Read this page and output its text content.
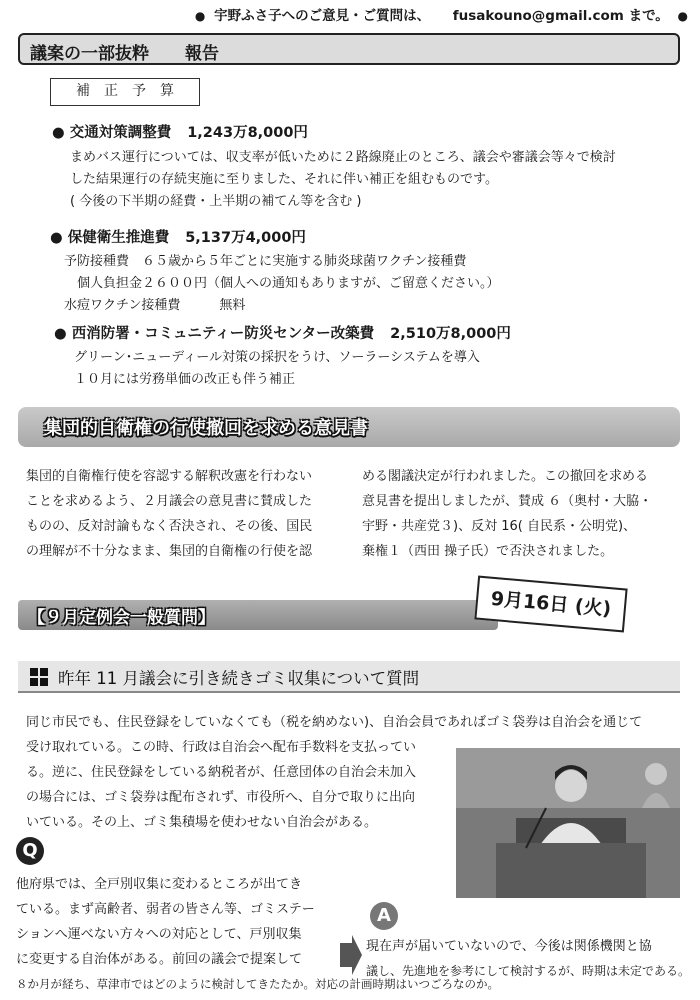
● 宇野ふさ子へのご意見・ご質問は、 fusakouno@gmail.com まで。 ●
議案の一部抜粋 報告
補正予算
● 交通対策調整費 1,243万8,000円
まめバス運行については、収支率が低いために２路線廃止のところ、議会や審議会等々で検討
した結果運行の存続実施に至りました、それに伴い補正を組むものです。
( 今後の下半期の経費・上半期の補てん等を含む )
● 保健衛生推進費 5,137万4,000円
予防接種費　６５歳から５年ごとに実施する肺炎球菌ワクチン接種費
　個人負担金２６００円（個人への通知もありますが、ご留意ください。）
水痘ワクチン接種費　　　無料
● 西消防署・コミュニティー防災センター改築費 2,510万8,000円
グリーン･ニューディール対策の採択をうけ、ソーラーシステムを導入
１０月には労務単価の改正も伴う補正
集団的自衛権の行使撤回を求める意見書
集団的自衛権行使を容認する解釈改憲を行わない
ことを求めるよう、２月議会の意見書に賛成した
ものの、反対討論もなく否決され、その後、国民
の理解が不十分なまま、集団的自衛権の行使を認
める閣議決定が行われました。この撤回を求める
意見書を提出しましたが、賛成 ６（奥村・大脇・
宇野・共産党３)、反対 16( 自民系・公明党)、
棄権１（西田 操子氏）で否決されました。
【９月定例会一般質問】	9月16日 (火)
昨年 11 月議会に引き続きゴミ収集について質問
同じ市民でも、住民登録をしていなくても（税を納めない)、自治会員であればゴミ袋券は自治会を通じて
受け取れている。この時、行政は自治会へ配布手数料を支払ってい
る。逆に、住民登録をしている納税者が、任意団体の自治会未加入
の場合には、ゴミ袋券は配布されず、市役所へ、自分で取りに出向
いている。その上、ゴミ集積場を使わせない自治会がある。
Q
他府県では、全戸別収集に変わるところが出てき
ている。まず高齢者、弱者の皆さん等、ゴミステー
ションへ運べない方々への対応として、戸別収集
に変更する自治体がある。前回の議会で提案して
８か月が経ち、草津市ではどのように検討してきたたか。対応の計画時期はいつごろなのか。
A
現在声が届いていないので、今後は関係機関と協
議し、先進地を参考にして検討するが、時期は未定である。
